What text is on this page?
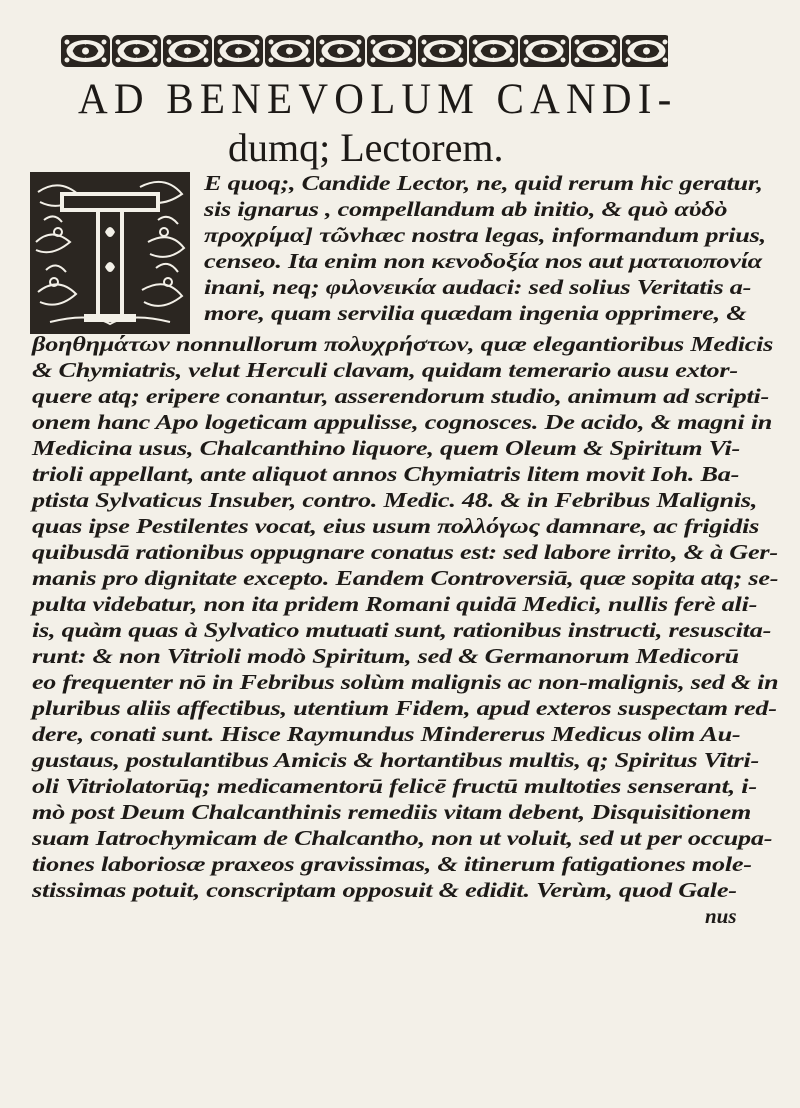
AD BENEVOLUM CANDI-
dumq; Lectorem.
E quoq;, Candide Lector, ne, quid rerum hic geratur,
sis ignarus , compellandum ab initio, & quò αὐδὸ
προχρίμα] τῶνhæc nostra legas, informandum prius,
censeo. Ita enim non κενοδοξία nos aut ματαιοπονία
inani, neq; φιλονεικία audaci: sed solius Veritatis a-
more, quam servilia quædam ingenia opprimere, &
βοηθημάτων nonnullorum πολυχρήστων, quæ elegantioribus Medicis
& Chymiatris, velut Herculi clavam, quidam temerario ausu extor-
quere atq; eripere conantur, asserendorum studio, animum ad scripti-
onem hanc Apo logeticam appulisse, cognosces. De acido, & magni in
Medicina usus, Chalcanthino liquore, quem Oleum & Spiritum Vi-
trioli appellant, ante aliquot annos Chymiatris litem movit Ioh. Ba-
ptista Sylvaticus Insuber, contro. Medic. 48. & in Febribus Malignis,
quas ipse Pestilentes vocat, eius usum πολλόγως damnare, ac frigidis
quibusdā rationibus oppugnare conatus est: sed labore irrito, & à Ger-
manis pro dignitate excepto. Eandem Controversiā, quæ sopita atq; se-
pulta videbatur, non ita pridem Romani quidā Medici, nullis ferè ali-
is, quàm quas à Sylvatico mutuati sunt, rationibus instructi, resuscita-
runt: & non Vitrioli modò Spiritum, sed & Germanorum Medicorū
eo frequenter nō in Febribus solùm malignis ac non-malignis, sed & in
pluribus aliis affectibus, utentium Fidem, apud exteros suspectam red-
dere, conati sunt. Hisce Raymundus Mindererus Medicus olim Au-
gustaus, postulantibus Amicis & hortantibus multis, q; Spiritus Vitri-
oli Vitriolatorūq; medicamentorū felicē fructū multoties senserant, i-
mò post Deum Chalcanthinis remediis vitam debent, Disquisitionem
suam Iatrochymicam de Chalcantho, non ut voluit, sed ut per occupa-
tiones laboriosæ praxeos gravissimas, & itinerum fatigationes mole-
stissimas potuit, conscriptam opposuit & edidit. Verùm, quod Gale-
nus
